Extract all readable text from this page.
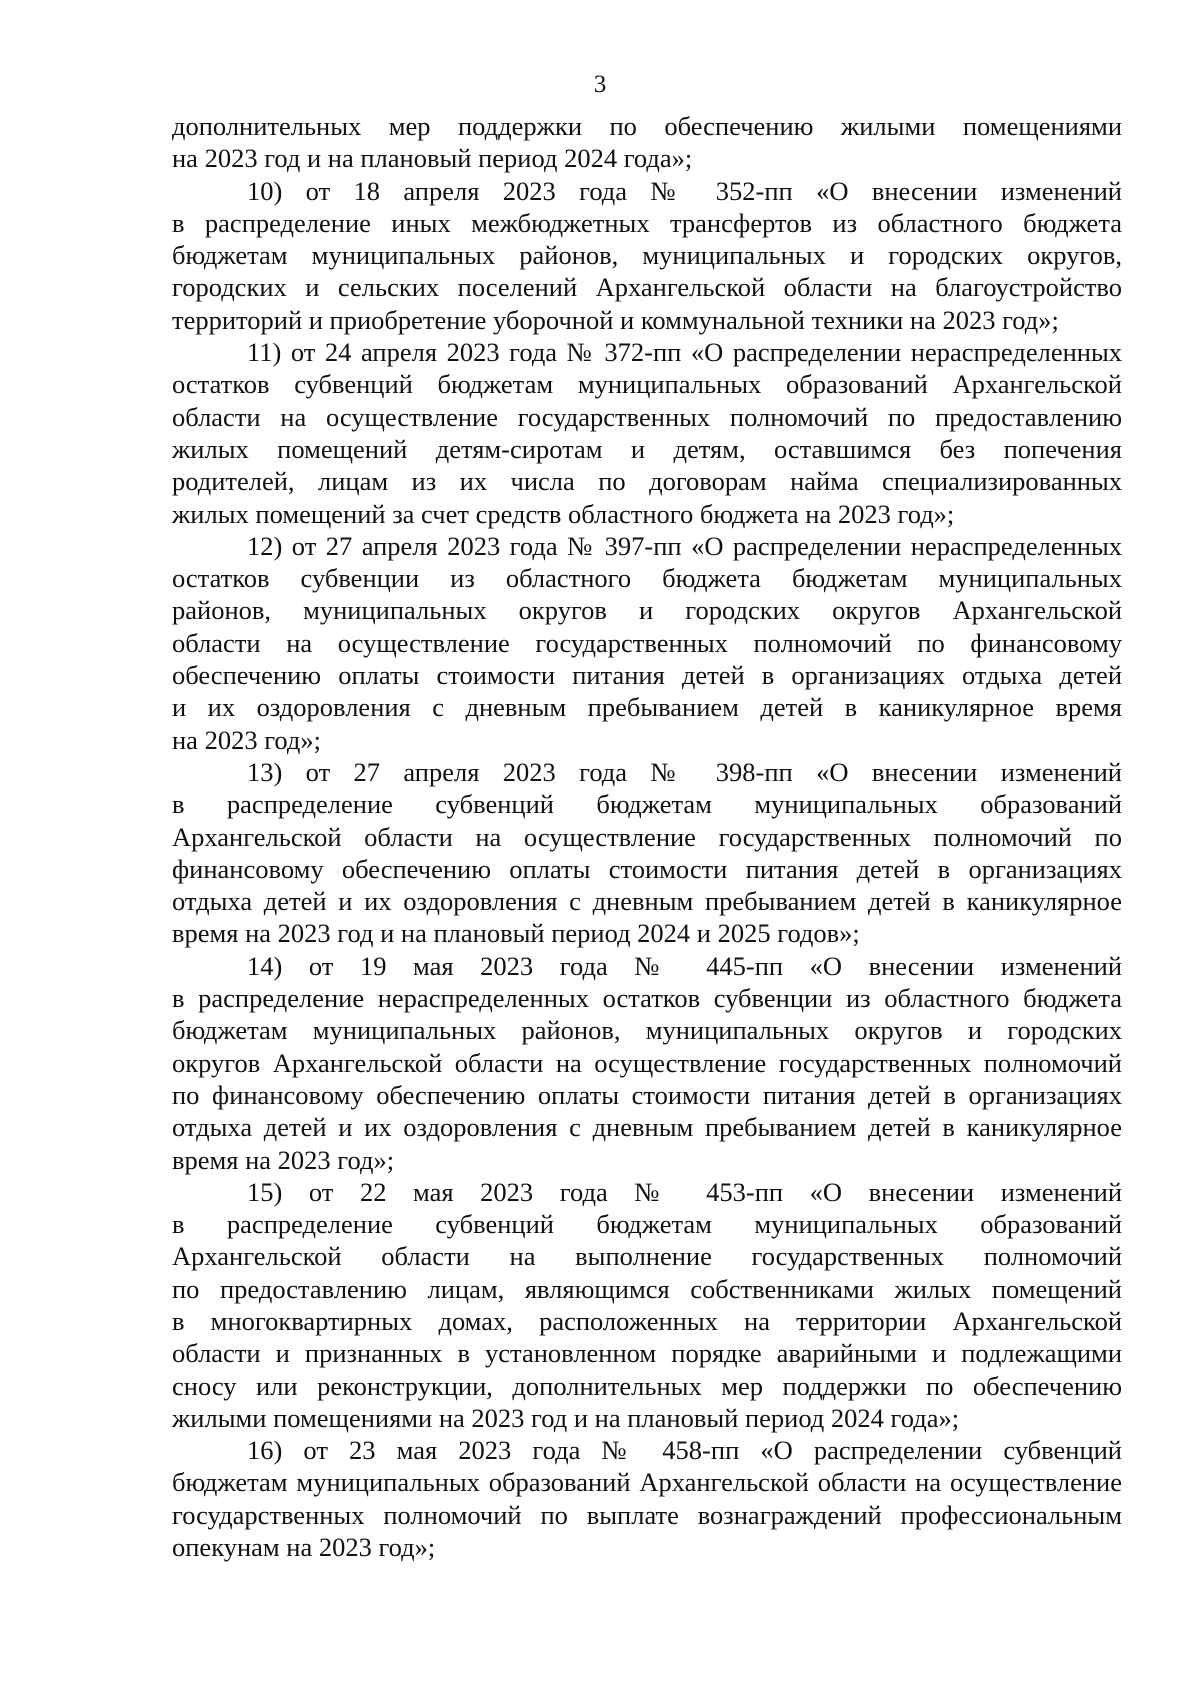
3
дополнительных мер поддержки по обеспечению жилыми помещениями
на 2023 год и на плановый период 2024 года»;
10) от 18 апреля 2023 года № 352-пп «О внесении изменений
в распределение иных межбюджетных трансфертов из областного бюджета
бюджетам муниципальных районов, муниципальных и городских округов,
городских и сельских поселений Архангельской области на благоустройство
территорий и приобретение уборочной и коммунальной техники на 2023 год»;
11) от 24 апреля 2023 года № 372-пп «О распределении нераспределенных
остатков субвенций бюджетам муниципальных образований Архангельской
области на осуществление государственных полномочий по предоставлению
жилых помещений детям-сиротам и детям, оставшимся без попечения
родителей, лицам из их числа по договорам найма специализированных
жилых помещений за счет средств областного бюджета на 2023 год»;
12) от 27 апреля 2023 года № 397-пп «О распределении нераспределенных
остатков субвенции из областного бюджета бюджетам муниципальных
районов, муниципальных округов и городских округов Архангельской
области на осуществление государственных полномочий по финансовому
обеспечению оплаты стоимости питания детей в организациях отдыха детей
и их оздоровления с дневным пребыванием детей в каникулярное время
на 2023 год»;
13) от 27 апреля 2023 года № 398-пп «О внесении изменений
в распределение субвенций бюджетам муниципальных образований
Архангельской области на осуществление государственных полномочий по
финансовому обеспечению оплаты стоимости питания детей в организациях
отдыха детей и их оздоровления с дневным пребыванием детей в каникулярное
время на 2023 год и на плановый период 2024 и 2025 годов»;
14) от 19 мая 2023 года № 445-пп «О внесении изменений
в распределение нераспределенных остатков субвенции из областного бюджета
бюджетам муниципальных районов, муниципальных округов и городских
округов Архангельской области на осуществление государственных полномочий
по финансовому обеспечению оплаты стоимости питания детей в организациях
отдыха детей и их оздоровления с дневным пребыванием детей в каникулярное
время на 2023 год»;
15) от 22 мая 2023 года № 453-пп «О внесении изменений
в распределение субвенций бюджетам муниципальных образований
Архангельской области на выполнение государственных полномочий
по предоставлению лицам, являющимся собственниками жилых помещений
в многоквартирных домах, расположенных на территории Архангельской
области и признанных в установленном порядке аварийными и подлежащими
сносу или реконструкции, дополнительных мер поддержки по обеспечению
жилыми помещениями на 2023 год и на плановый период 2024 года»;
16) от 23 мая 2023 года № 458-пп «О распределении субвенций
бюджетам муниципальных образований Архангельской области на осуществление
государственных полномочий по выплате вознаграждений профессиональным
опекунам на 2023 год»;
